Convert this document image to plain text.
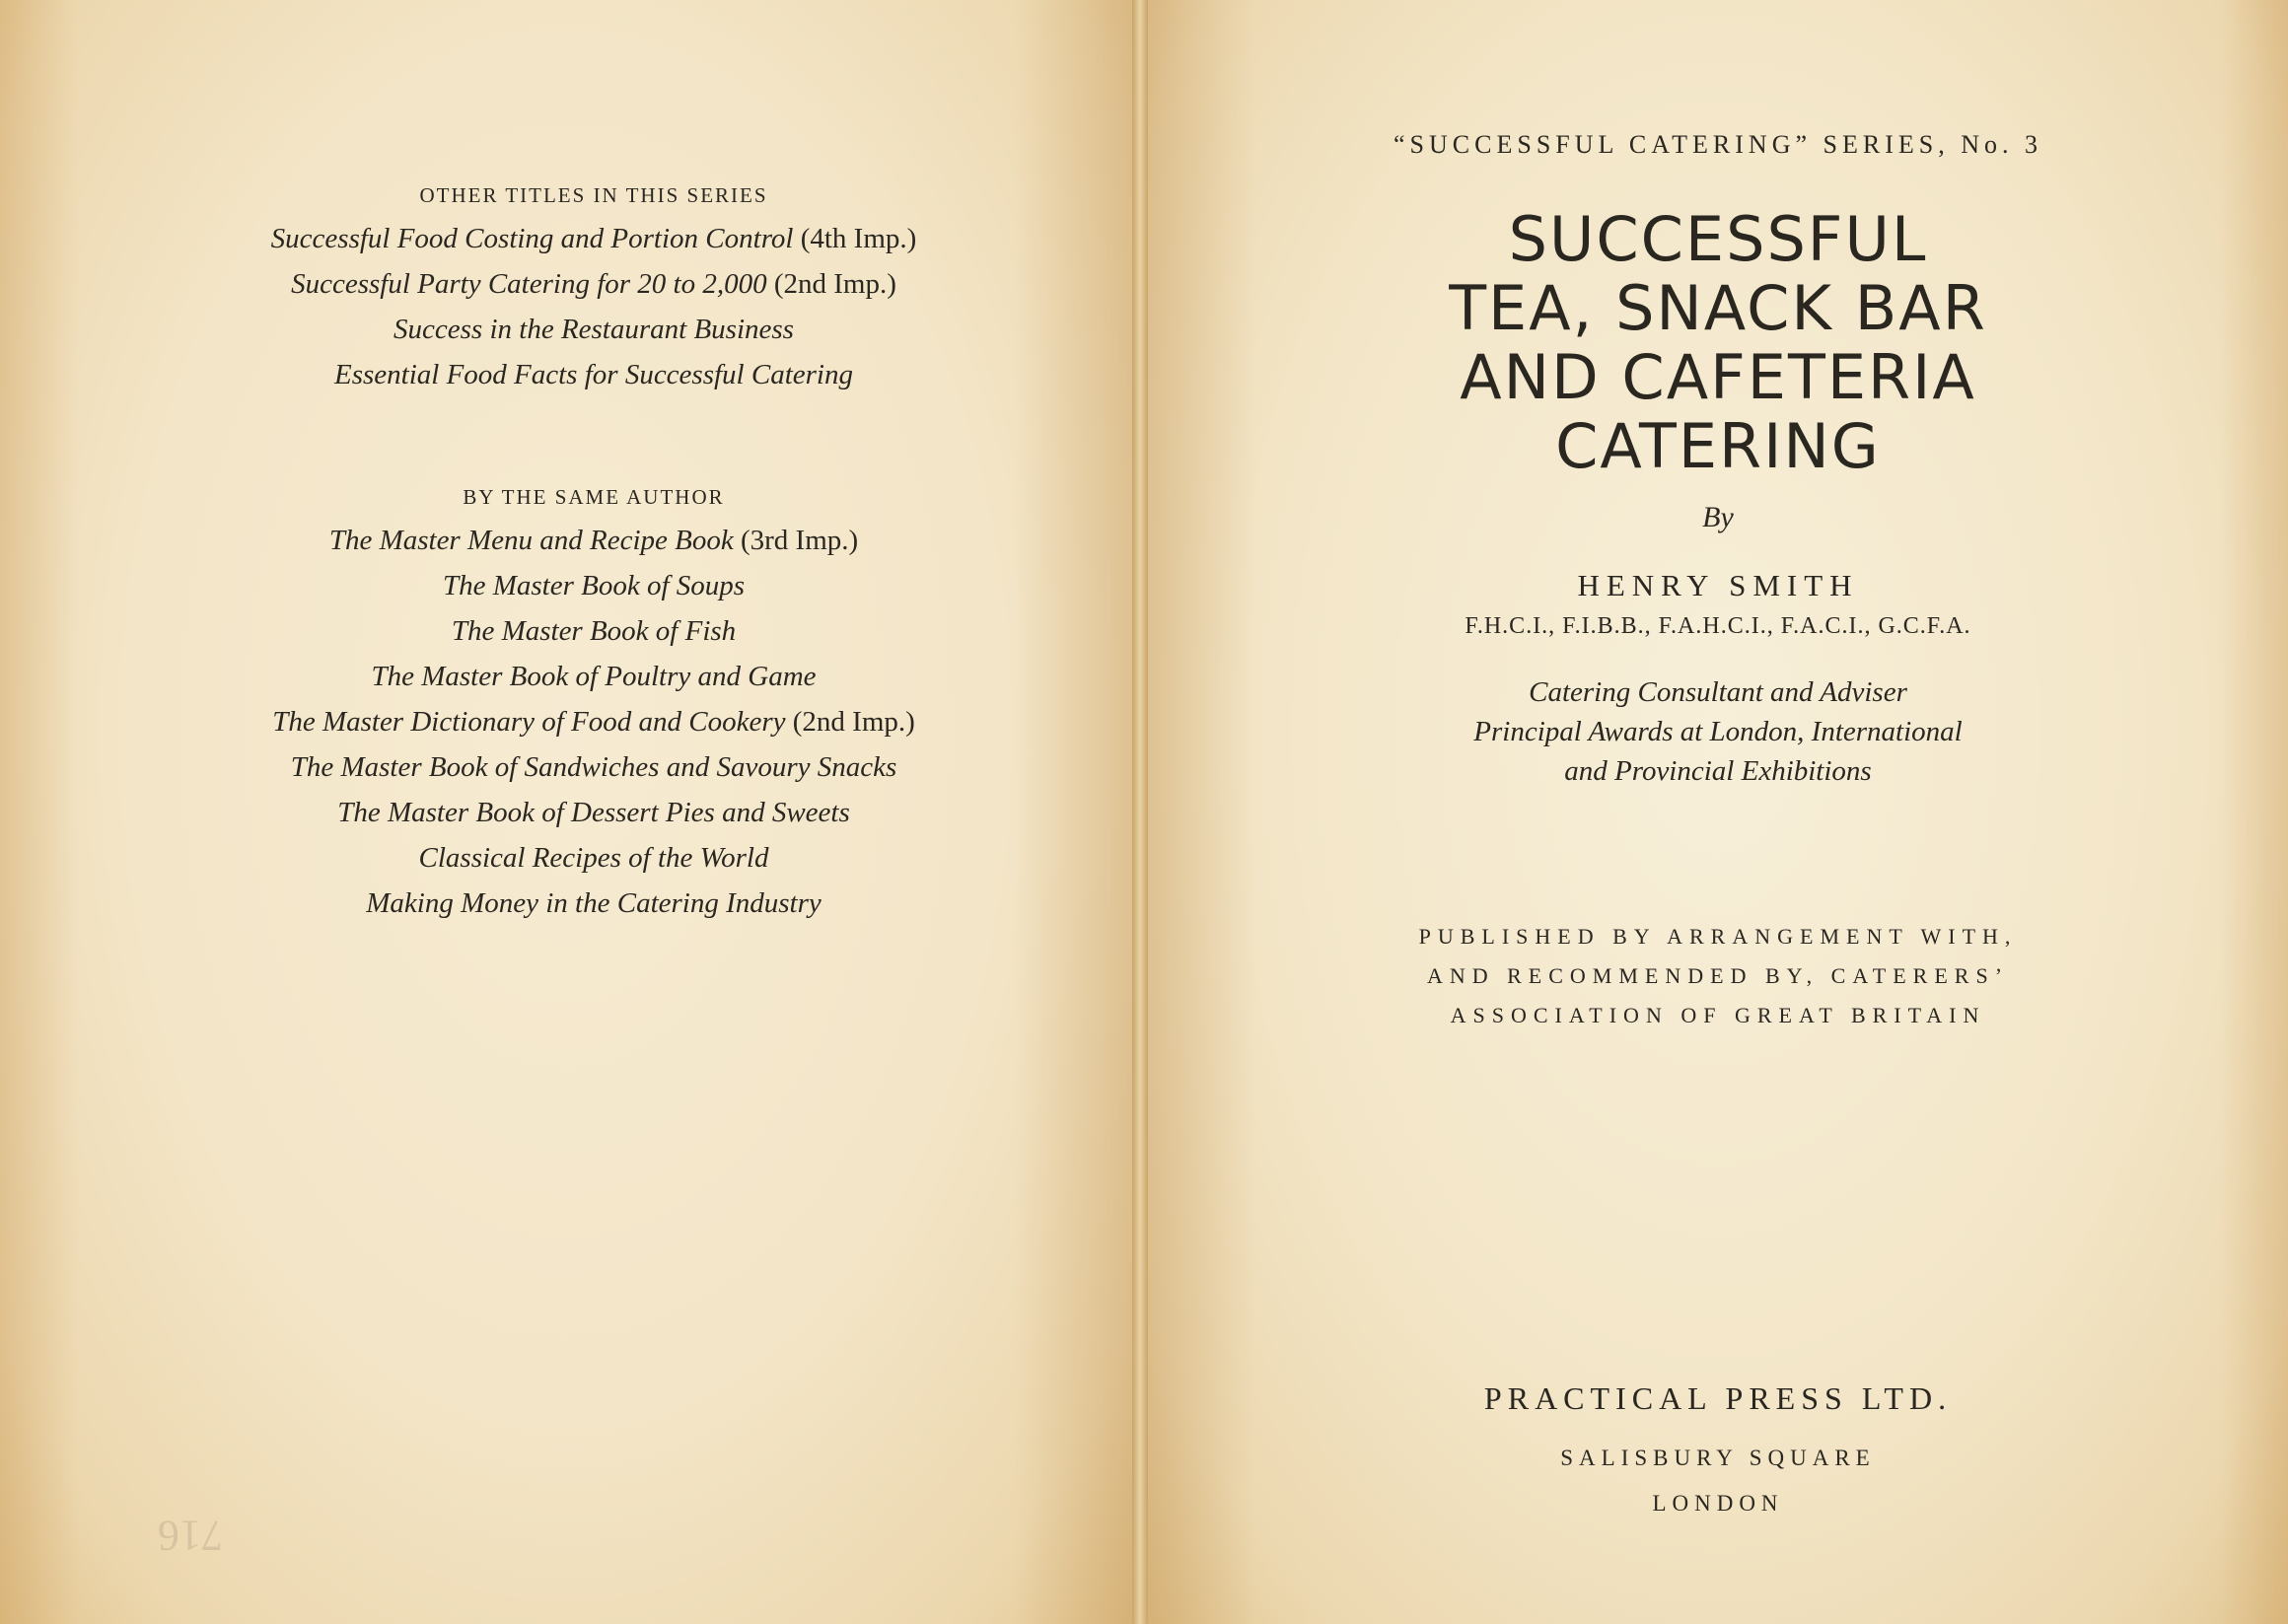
OTHER TITLES IN THIS SERIES

Successful Food Costing and Portion Control (4th Imp.)
Successful Party Catering for 20 to 2,000 (2nd Imp.)
Success in the Restaurant Business
Essential Food Facts for Successful Catering

BY THE SAME AUTHOR

The Master Menu and Recipe Book (3rd Imp.)
The Master Book of Soups
The Master Book of Fish
The Master Book of Poultry and Game
The Master Dictionary of Food and Cookery (2nd Imp.)
The Master Book of Sandwiches and Savoury Snacks
The Master Book of Dessert Pies and Sweets
Classical Recipes of the World
Making Money in the Catering Industry
716
“SUCCESSFUL CATERING” SERIES, No. 3
SUCCESSFUL
TEA, SNACK BAR
AND CAFETERIA
CATERING
By
HENRY SMITH
F.H.C.I., F.I.B.B., F.A.H.C.I., F.A.C.I., G.C.F.A.
Catering Consultant and Adviser
Principal Awards at London, International
and Provincial Exhibitions
PUBLISHED BY ARRANGEMENT WITH,
AND RECOMMENDED BY, CATERERS’
ASSOCIATION OF GREAT BRITAIN
PRACTICAL PRESS LTD.
SALISBURY SQUARE
LONDON
